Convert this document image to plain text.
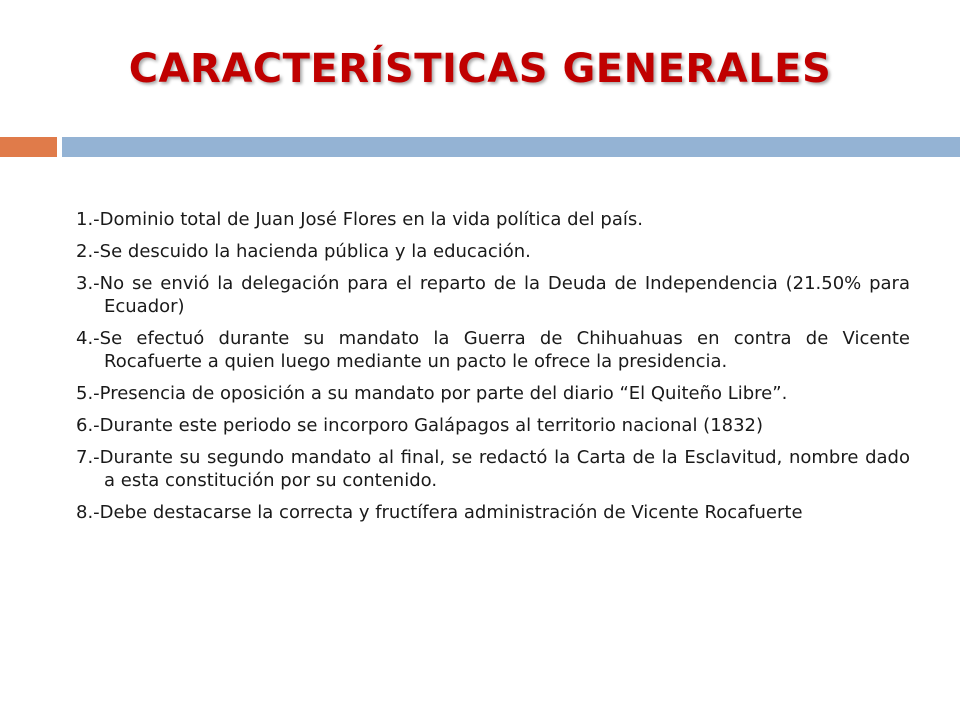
CARACTERÍSTICAS GENERALES

1.-Dominio total de Juan José Flores en la vida política del país.

2.-Se descuido la hacienda pública y la educación.

3.-No se envió la delegación para el reparto de la Deuda de Independencia (21.50% para Ecuador)

4.-Se efectuó durante su mandato la Guerra de Chihuahuas en contra de Vicente Rocafuerte a quien luego mediante un pacto le ofrece la presidencia.

5.-Presencia de oposición a su mandato por parte del diario “El Quiteño Libre”.

6.-Durante este periodo se incorporo Galápagos al territorio nacional (1832)

7.-Durante su segundo mandato al final, se redactó la Carta de la Esclavitud, nombre dado a esta constitución por su contenido.

8.-Debe destacarse la correcta y fructífera administración de Vicente Rocafuerte
